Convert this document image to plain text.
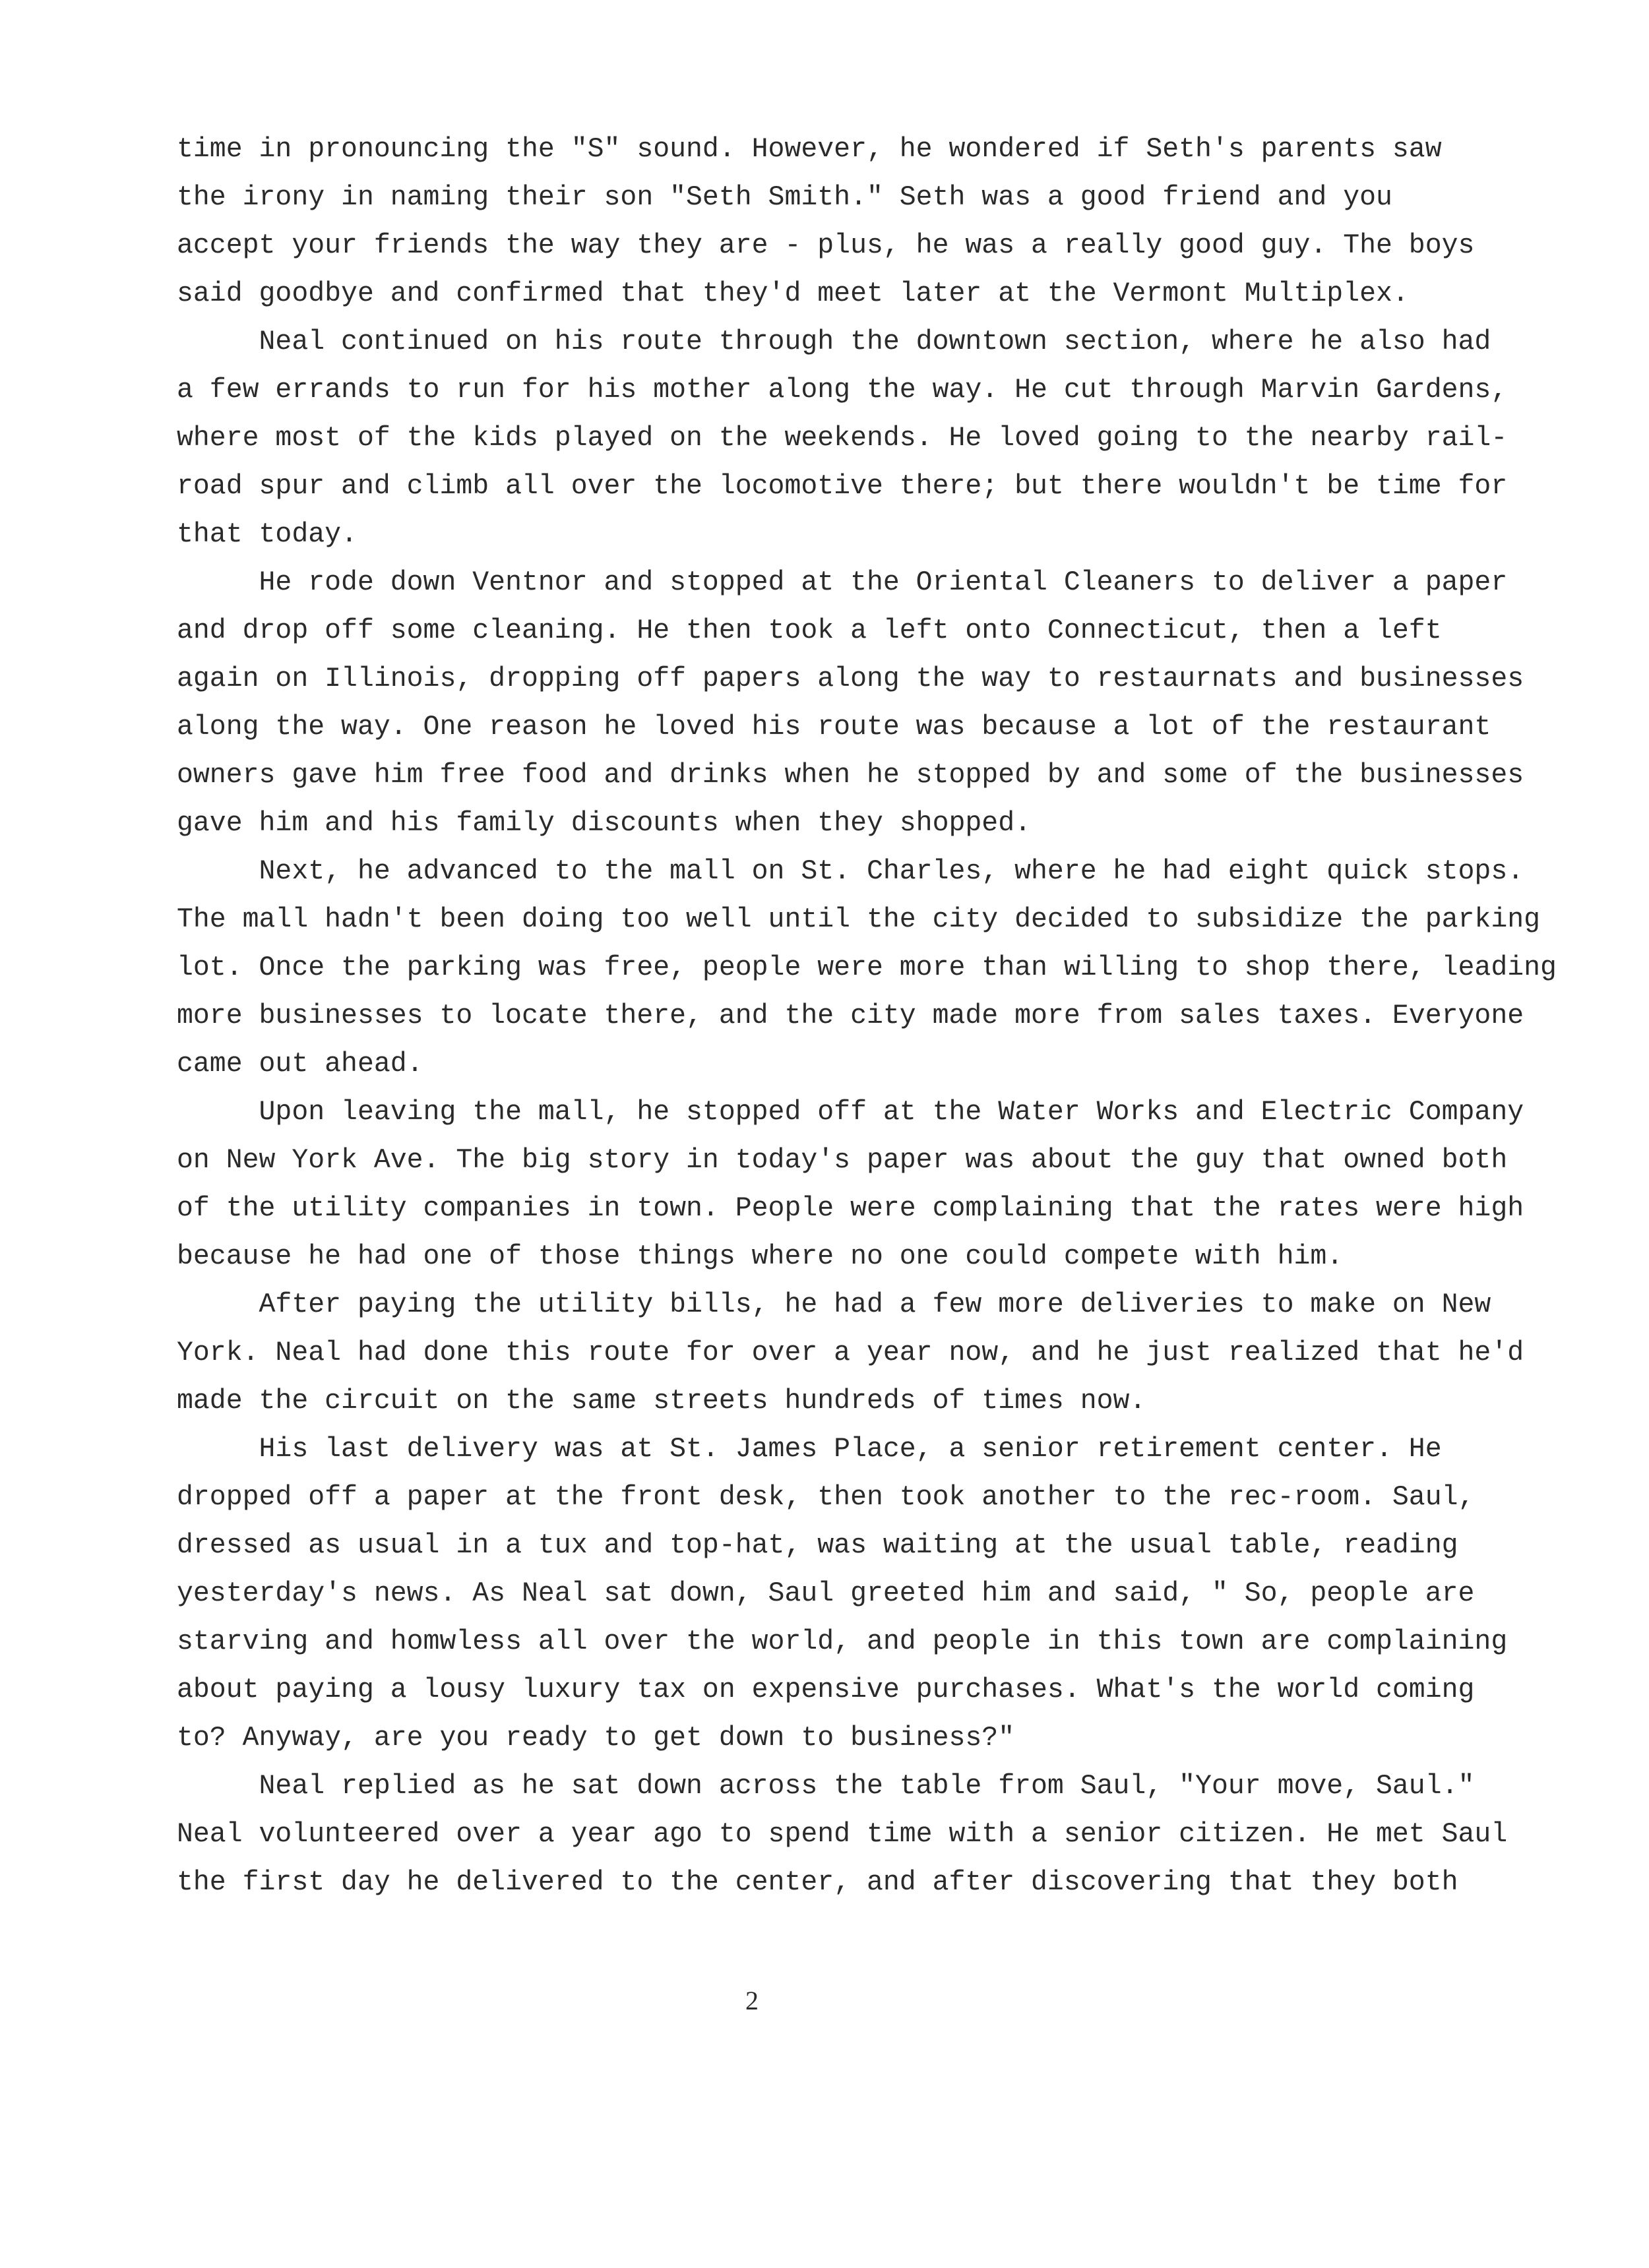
time in pronouncing the "S" sound. However, he wondered if Seth's parents saw
the irony in naming their son "Seth Smith." Seth was a good friend and you
accept your friends the way they are - plus, he was a really good guy. The boys
said goodbye and confirmed that they'd meet later at the Vermont Multiplex.
Neal continued on his route through the downtown section, where he also had
a few errands to run for his mother along the way. He cut through Marvin Gardens,
where most of the kids played on the weekends. He loved going to the nearby rail-
road spur and climb all over the locomotive there; but there wouldn't be time for
that today.
He rode down Ventnor and stopped at the Oriental Cleaners to deliver a paper
and drop off some cleaning. He then took a left onto Connecticut, then a left
again on Illinois, dropping off papers along the way to restaurnats and businesses
along the way. One reason he loved his route was because a lot of the restaurant
owners gave him free food and drinks when he stopped by and some of the businesses
gave him and his family discounts when they shopped.
Next, he advanced to the mall on St. Charles, where he had eight quick stops.
The mall hadn't been doing too well until the city decided to subsidize the parking
lot. Once the parking was free, people were more than willing to shop there, leading
more businesses to locate there, and the city made more from sales taxes. Everyone
came out ahead.
Upon leaving the mall, he stopped off at the Water Works and Electric Company
on New York Ave. The big story in today's paper was about the guy that owned both
of the utility companies in town. People were complaining that the rates were high
because he had one of those things where no one could compete with him.
After paying the utility bills, he had a few more deliveries to make on New
York. Neal had done this route for over a year now, and he just realized that he'd
made the circuit on the same streets hundreds of times now.
His last delivery was at St. James Place, a senior retirement center. He
dropped off a paper at the front desk, then took another to the rec-room. Saul,
dressed as usual in a tux and top-hat, was waiting at the usual table, reading
yesterday's news. As Neal sat down, Saul greeted him and said, " So, people are
starving and homwless all over the world, and people in this town are complaining
about paying a lousy luxury tax on expensive purchases. What's the world coming
to? Anyway, are you ready to get down to business?"
Neal replied as he sat down across the table from Saul, "Your move, Saul."
Neal volunteered over a year ago to spend time with a senior citizen. He met Saul
the first day he delivered to the center, and after discovering that they both
2
